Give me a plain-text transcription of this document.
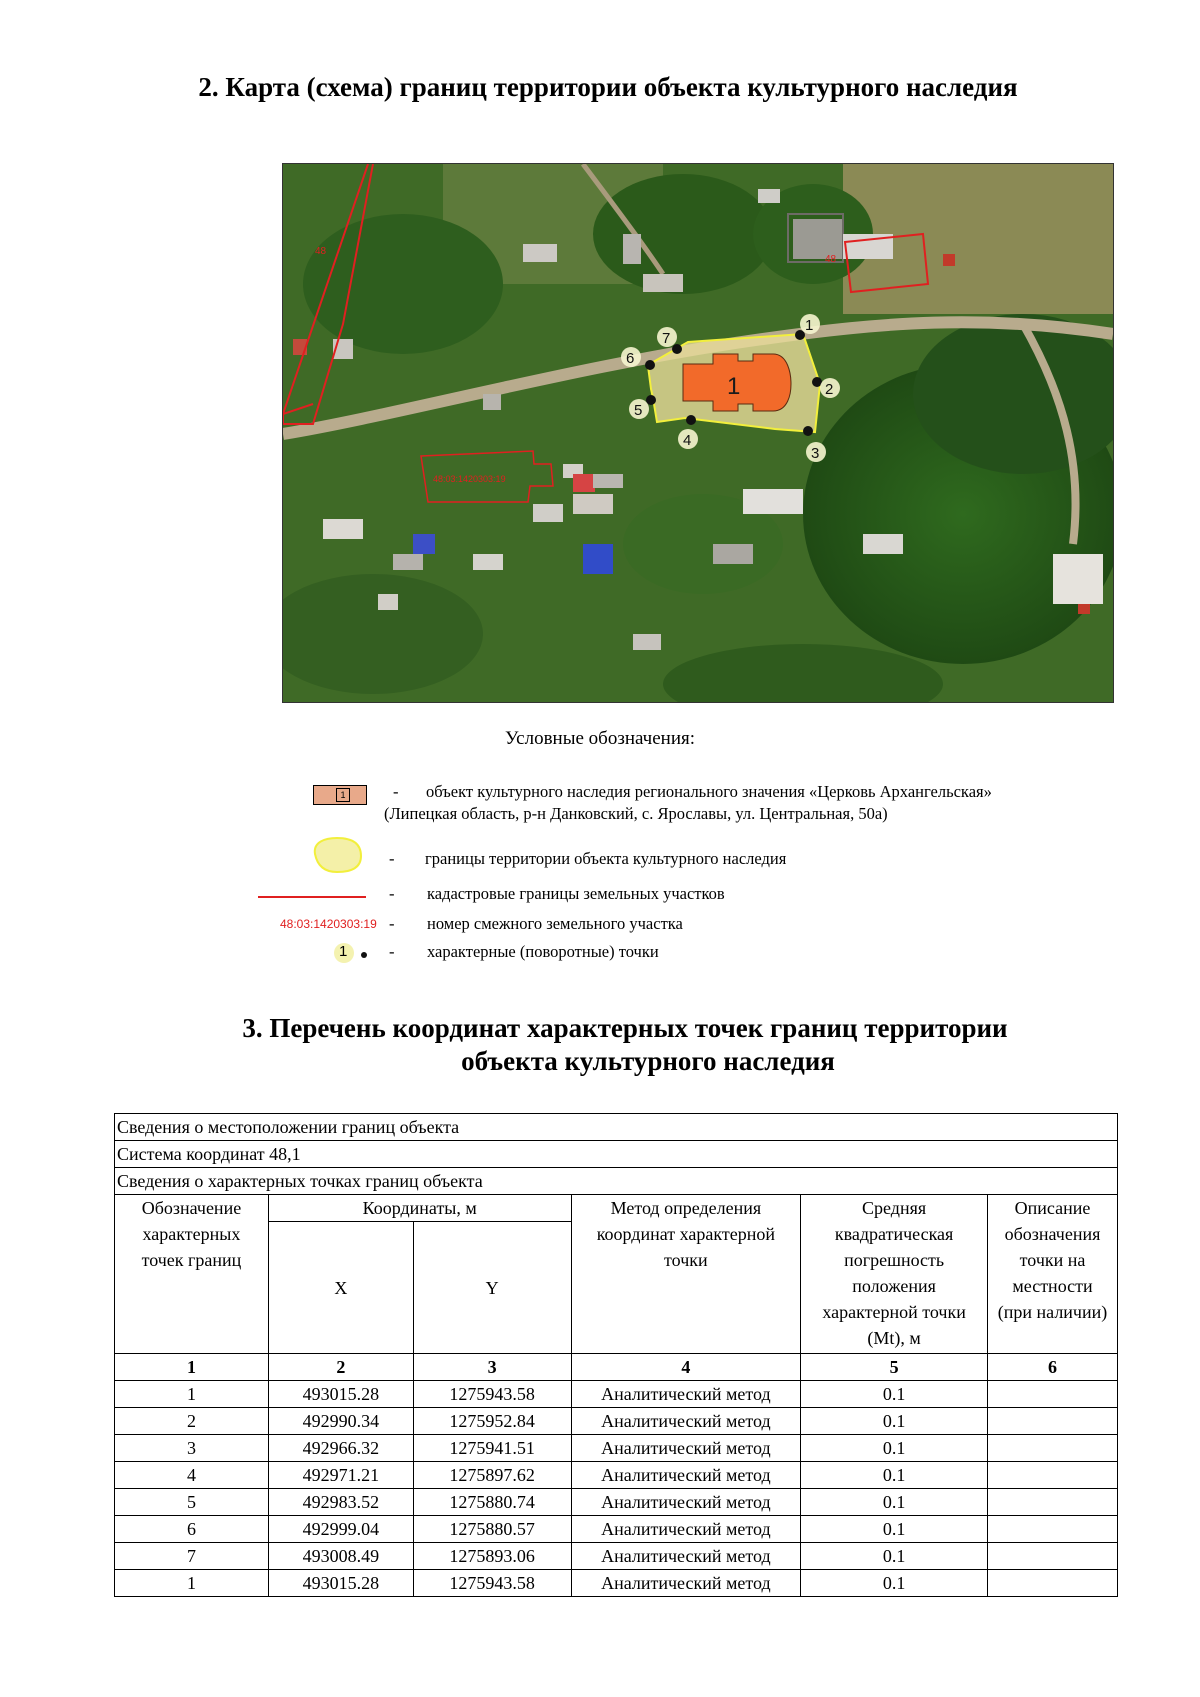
2. Карта (схема) границ территории объекта культурного наследия
48
48
48:03:1420303:19
1
1
2
3
4
5
6
7
Условные обозначения:
1	- объект культурного наследия регионального значения «Церковь Архангельская»
(Липецкая область, р-н Данковский, с. Ярославы, ул. Центральная, 50а)
- границы территории объекта культурного наследия
- кадастровые границы земельных участков
48:03:1420303:19 - номер смежного земельного участка
1	- характерные (поворотные) точки
3. Перечень координат характерных точек границ территории
объекта культурного наследия
Сведения о местоположении границ объекта					
Система координат 48,1					
Сведения о характерных точках границ объекта					
Обозначение характерных точек границ	Координаты, м		Метод определения координат характерной точки	Средняя квадратическая погрешность положения характерной точки (Mt), м	Описание обозначения точки на местности (при наличии)
	X	Y			
1	2	3	4	5	6
1	493015.28	1275943.58	Аналитический метод	0.1	
2	492990.34	1275952.84	Аналитический метод	0.1	
3	492966.32	1275941.51	Аналитический метод	0.1	
4	492971.21	1275897.62	Аналитический метод	0.1	
5	492983.52	1275880.74	Аналитический метод	0.1	
6	492999.04	1275880.57	Аналитический метод	0.1	
7	493008.49	1275893.06	Аналитический метод	0.1	
1	493015.28	1275943.58	Аналитический метод	0.1	
